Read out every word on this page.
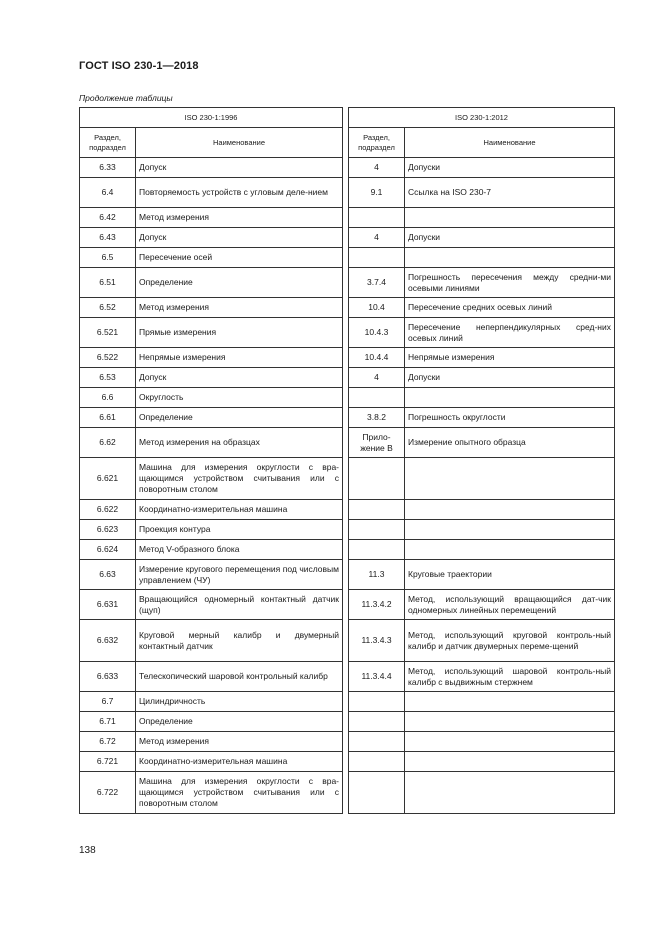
ГОСТ ISO 230-1—2018
Продолжение таблицы
ISO 230-1:1996			ISO 230-1:2012	
Раздел, подраздел	Наименование		Раздел, подраздел	Наименование
6.33	Допуск		4	Допуски
6.4	Повторяемость устройств с угловым деле-нием		9.1	Ссылка на ISO 230-7
6.42	Метод измерения			
6.43	Допуск		4	Допуски
6.5	Пересечение осей			
6.51	Определение		3.7.4	Погрешность пересечения между средни-ми осевыми линиями
6.52	Метод измерения		10.4	Пересечение средних осевых линий
6.521	Прямые измерения		10.4.3	Пересечение неперпендикулярных сред-них осевых линий
6.522	Непрямые измерения		10.4.4	Непрямые измерения
6.53	Допуск		4	Допуски
6.6	Округлость			
6.61	Определение		3.8.2	Погрешность округлости
6.62	Метод измерения на образцах		Прило-жение В	Измерение опытного образца
6.621	Машина для измерения округлости с вра-щающимся устройством считывания или с поворотным столом			
6.622	Координатно-измерительная машина			
6.623	Проекция контура			
6.624	Метод V-образного блока			
6.63	Измерение кругового перемещения под числовым управлением (ЧУ)		11.3	Круговые траектории
6.631	Вращающийся одномерный контактный датчик (щуп)		11.3.4.2	Метод, использующий вращающийся дат-чик одномерных линейных перемещений
6.632	Круговой мерный калибр и двумерный контактный датчик		11.3.4.3	Метод, использующий круговой контроль-ный калибр и датчик двумерных переме-щений
6.633	Телескопический шаровой контрольный калибр		11.3.4.4	Метод, использующий шаровой контроль-ный калибр с выдвижным стержнем
6.7	Цилиндричность			
6.71	Определение			
6.72	Метод измерения			
6.721	Координатно-измерительная машина			
6.722	Машина для измерения округлости с вра-щающимся устройством считывания или с поворотным столом			
138
